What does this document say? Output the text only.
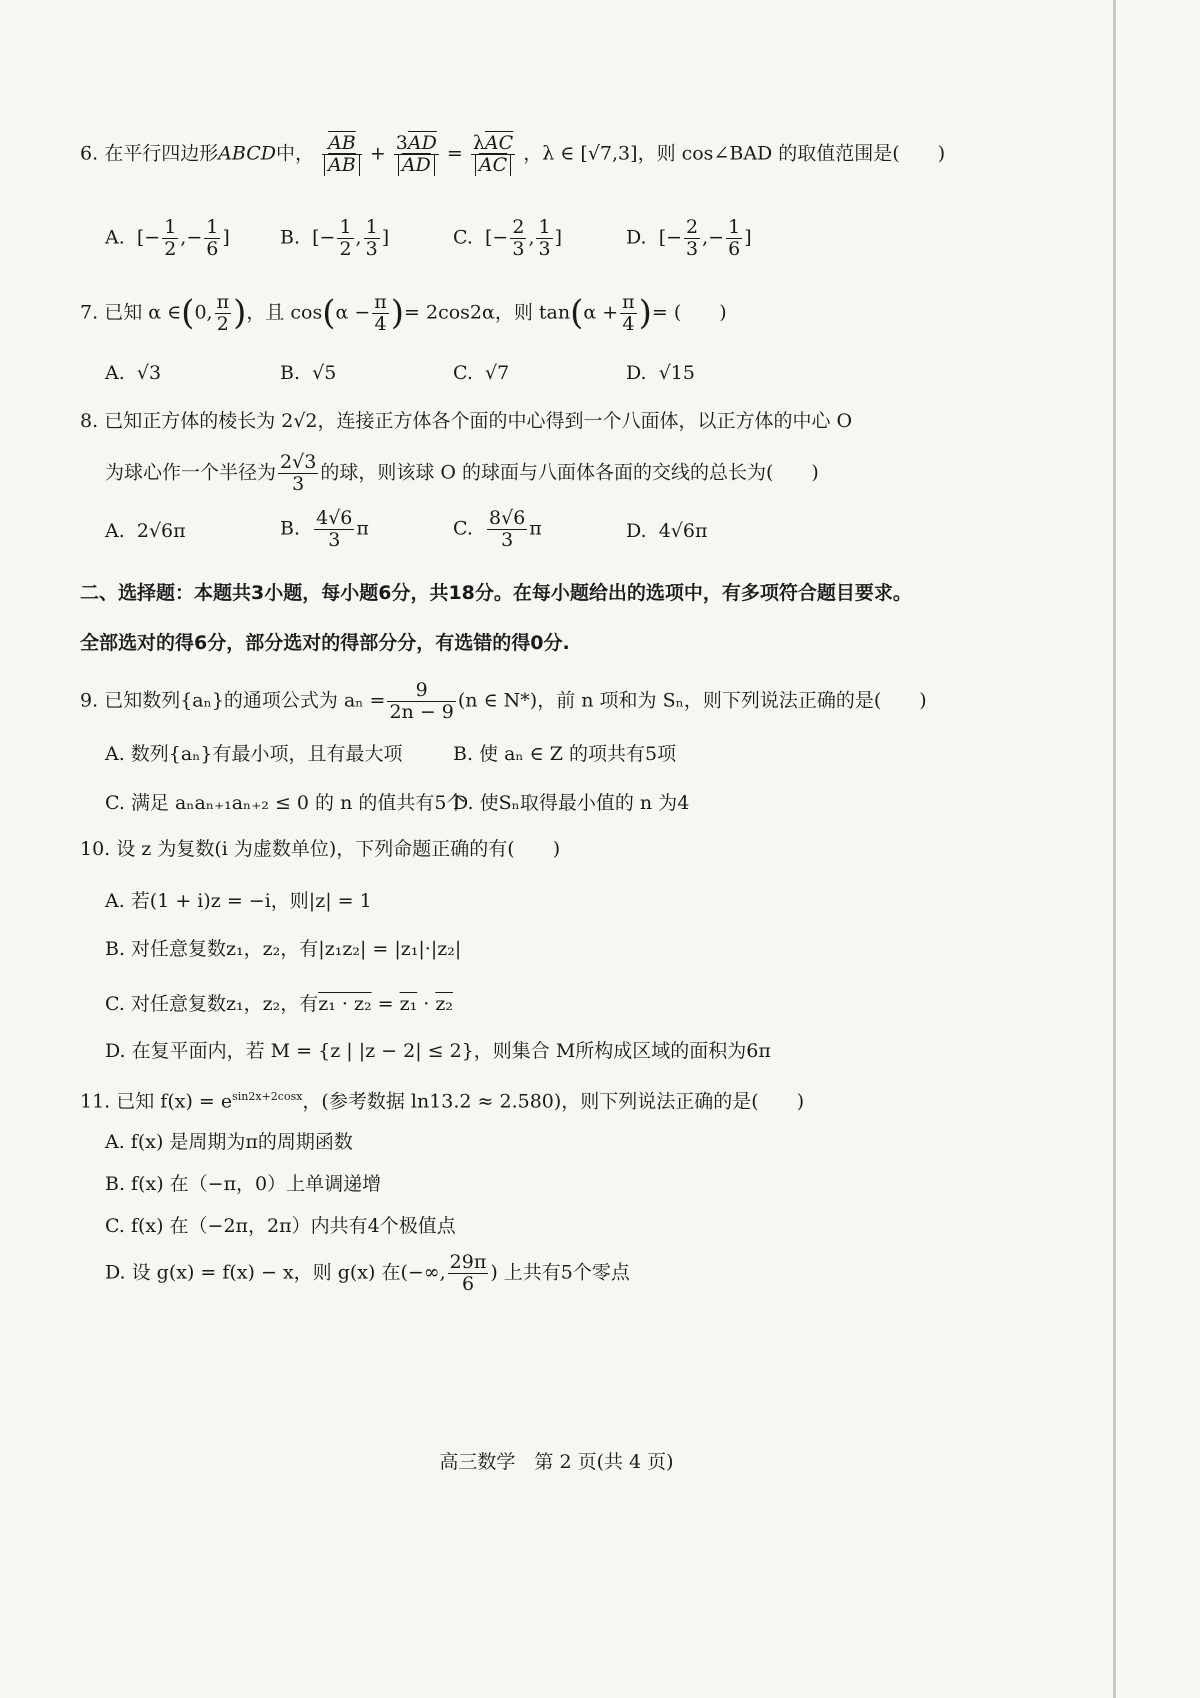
6. 在平行四边形ABCD中， $\frac{\overline{AB}}{AB} + \frac{3\overline{AD}}{AD} = \frac{\lambda\overline{AC}}{AC}$ ，λ ∈ [√7,3]，则 cos∠BAD 的取值范围是(　　)
A. [− $\frac{1}{2}$ ,− $\frac{1}{6}$ ]	B. [− $\frac{1}{2}$ , $\frac{1}{3}$ ]	C. [− $\frac{2}{3}$ , $\frac{1}{3}$ ]	D. [− $\frac{2}{3}$ ,− $\frac{1}{6}$ ]
7. 已知 α ∈(0, $\frac{\pi}{2}$ )，且 $\cos(\alpha - \frac{\pi}{4}$ )= 2cos2α，则 $\tan(\alpha + \frac{\pi}{4}$ )= (　　)
A. √3	B. √5	C. √7	D. √15
8. 已知正方体的棱长为 2√2，连接正方体各个面的中心得到一个八面体，以正方体的中心 O
为球心作一个半径为 $\frac{2√3}{3}$ 的球，则该球 O 的球面与八面体各面的交线的总长为(　　)
A. 2√6π	B. $\frac{4√6}{3}$ π	C. $\frac{8√6}{3}$ π	D. 4√6π
二、选择题：本题共3小题，每小题6分，共18分。在每小题给出的选项中，有多项符合题目要求。
全部选对的得6分，部分选对的得部分分，有选错的得0分.
9. 已知数列{aₙ}的通项公式为 $a_n = \frac{9}{2n - 9} (n$ ∈ N*)，前 n 项和为 Sₙ，则下列说法正确的是(　　)
A. 数列{aₙ}有最小项，且有最大项	B. 使 aₙ ∈ Z 的项共有5项
C. 满足 aₙaₙ₊₁aₙ₊₂ ≤ 0 的 n 的值共有5个
D. 使Sₙ取得最小值的 n 为4
10. 设 z 为复数(i 为虚数单位)，下列命题正确的有(　　)
A. 若(1 + i)z = −i，则|z| = 1
B. 对任意复数z₁，z₂，有|z₁z₂| = |z₁|·|z₂|
C. 对任意复数z₁，z₂，有z₁ · z₂ = z₁ · z₂
D. 在复平面内，若 M = {z | |z − 2| ≤ 2}，则集合 M所构成区域的面积为6π
11. 已知 $f(x) = e^{sin2x+2cosx}$，(参考数据 ln13.2 ≈ 2.580)，则下列说法正确的是(　　)
A. f(x) 是周期为π的周期函数
B. f(x) 在（−π，0）上单调递增
C. f(x) 在（−2π，2π）内共有4个极值点
D. 设 g(x) = f(x) − x，则 g(x) 在(−∞, $\frac{29\pi}{6}$ ) 上共有5个零点
高三数学　第 2 页(共 4 页)
